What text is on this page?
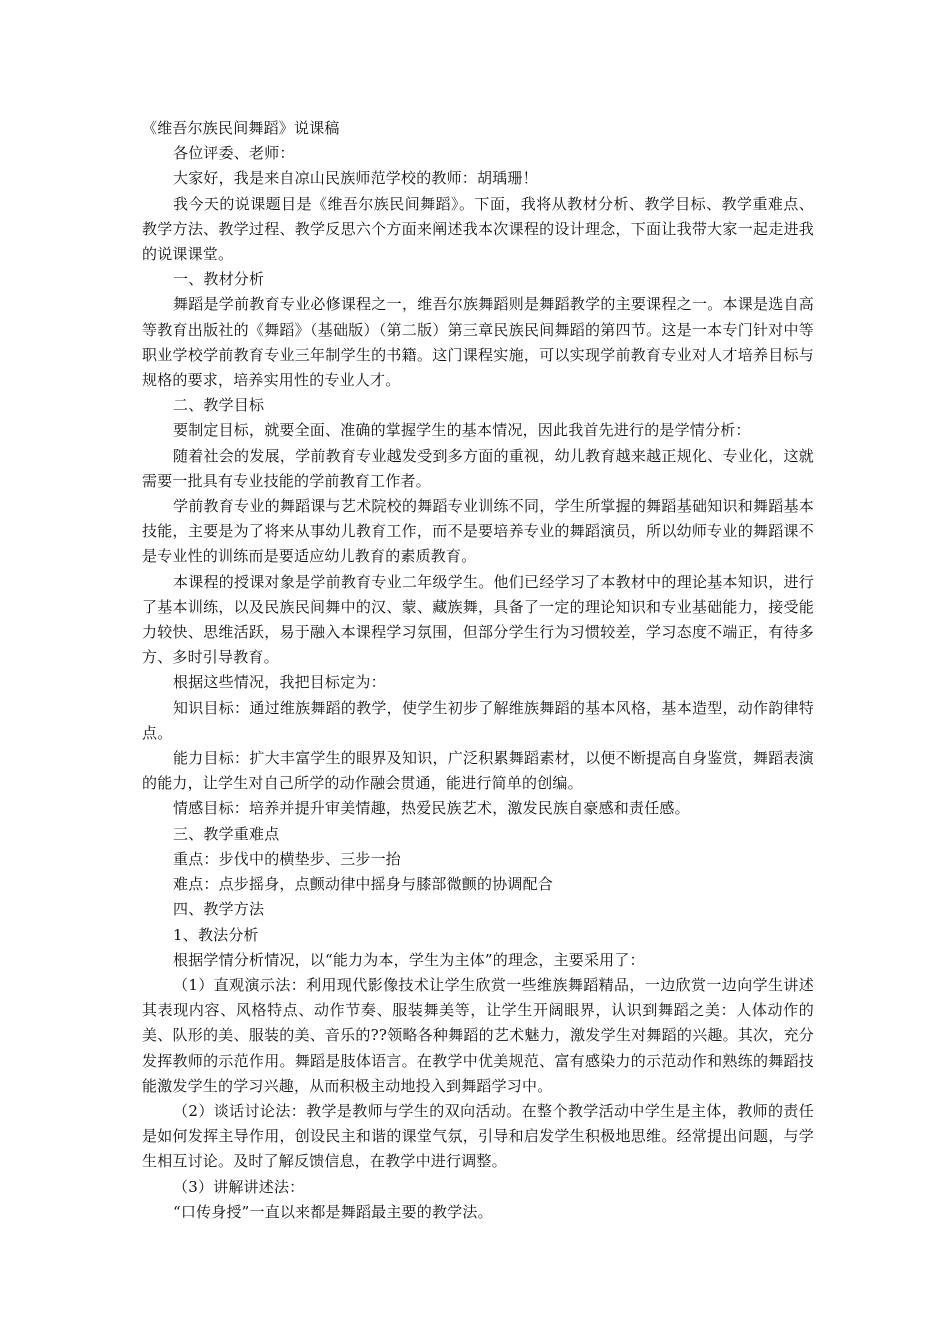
《维吾尔族民间舞蹈》说课稿

各位评委、老师：

大家好，我是来自凉山民族师范学校的教师：胡瑀珊！

我今天的说课题目是《维吾尔族民间舞蹈》。下面，我将从教材分析、教学目标、教学重难点、教学方法、教学过程、教学反思六个方面来阐述我本次课程的设计理念，下面让我带大家一起走进我的说课课堂。

一、教材分析

舞蹈是学前教育专业必修课程之一，维吾尔族舞蹈则是舞蹈教学的主要课程之一。本课是选自高等教育出版社的《舞蹈》（基础版）（第二版）第三章民族民间舞蹈的第四节。这是一本专门针对中等职业学校学前教育专业三年制学生的书籍。这门课程实施，可以实现学前教育专业对人才培养目标与规格的要求，培养实用性的专业人才。

二、教学目标

要制定目标，就要全面、准确的掌握学生的基本情况，因此我首先进行的是学情分析：

随着社会的发展，学前教育专业越发受到多方面的重视，幼儿教育越来越正规化、专业化，这就需要一批具有专业技能的学前教育工作者。

学前教育专业的舞蹈课与艺术院校的舞蹈专业训练不同，学生所掌握的舞蹈基础知识和舞蹈基本技能，主要是为了将来从事幼儿教育工作，而不是要培养专业的舞蹈演员，所以幼师专业的舞蹈课不是专业性的训练而是要适应幼儿教育的素质教育。

本课程的授课对象是学前教育专业二年级学生。他们已经学习了本教材中的理论基本知识，进行了基本训练，以及民族民间舞中的汉、蒙、藏族舞，具备了一定的理论知识和专业基础能力，接受能力较快、思维活跃，易于融入本课程学习氛围，但部分学生行为习惯较差，学习态度不端正，有待多方、多时引导教育。

根据这些情况，我把目标定为：

知识目标：通过维族舞蹈的教学，使学生初步了解维族舞蹈的基本风格，基本造型，动作韵律特点。

能力目标：扩大丰富学生的眼界及知识，广泛积累舞蹈素材，以便不断提高自身鉴赏，舞蹈表演的能力，让学生对自己所学的动作融会贯通，能进行简单的创编。

情感目标：培养并提升审美情趣，热爱民族艺术，激发民族自豪感和责任感。

三、教学重难点

重点：步伐中的横垫步、三步一抬

难点：点步摇身，点颤动律中摇身与膝部微颤的协调配合

四、教学方法

1、教法分析

根据学情分析情况，以“能力为本，学生为主体”的理念，主要采用了：

（1）直观演示法：利用现代影像技术让学生欣赏一些维族舞蹈精品，一边欣赏一边向学生讲述其表现内容、风格特点、动作节奏、服装舞美等，让学生开阔眼界，认识到舞蹈之美：人体动作的美、队形的美、服装的美、音乐的??领略各种舞蹈的艺术魅力，激发学生对舞蹈的兴趣。其次，充分发挥教师的示范作用。舞蹈是肢体语言。在教学中优美规范、富有感染力的示范动作和熟练的舞蹈技能激发学生的学习兴趣，从而积极主动地投入到舞蹈学习中。

（2）谈话讨论法：教学是教师与学生的双向活动。在整个教学活动中学生是主体，教师的责任是如何发挥主导作用，创设民主和谐的课堂气氛，引导和启发学生积极地思维。经常提出问题，与学生相互讨论。及时了解反馈信息，在教学中进行调整。

（3）讲解讲述法：

“口传身授”一直以来都是舞蹈最主要的教学法。
